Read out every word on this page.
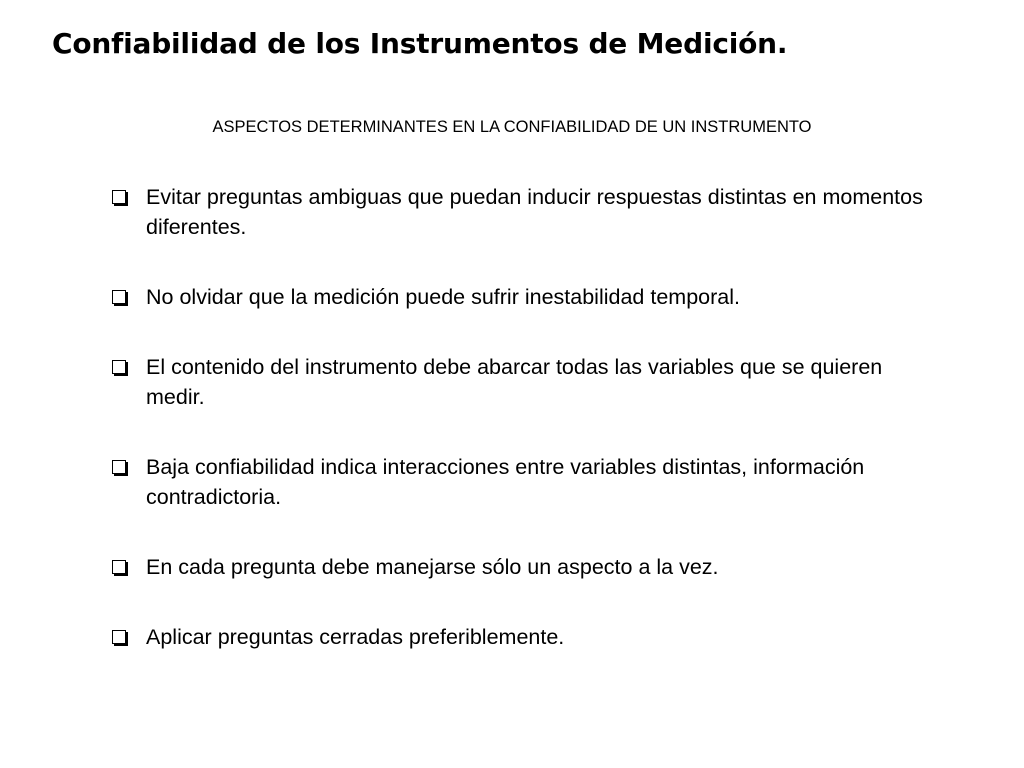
Confiabilidad de los Instrumentos de Medición.
ASPECTOS DETERMINANTES EN LA CONFIABILIDAD DE UN INSTRUMENTO
Evitar preguntas ambiguas que puedan inducir respuestas distintas en momentos diferentes.
No olvidar que la medición puede sufrir inestabilidad temporal.
El contenido del instrumento debe abarcar todas las variables que se quieren medir.
Baja confiabilidad indica interacciones entre variables distintas, información contradictoria.
En cada pregunta debe manejarse sólo un aspecto a la vez.
Aplicar preguntas cerradas preferiblemente.
